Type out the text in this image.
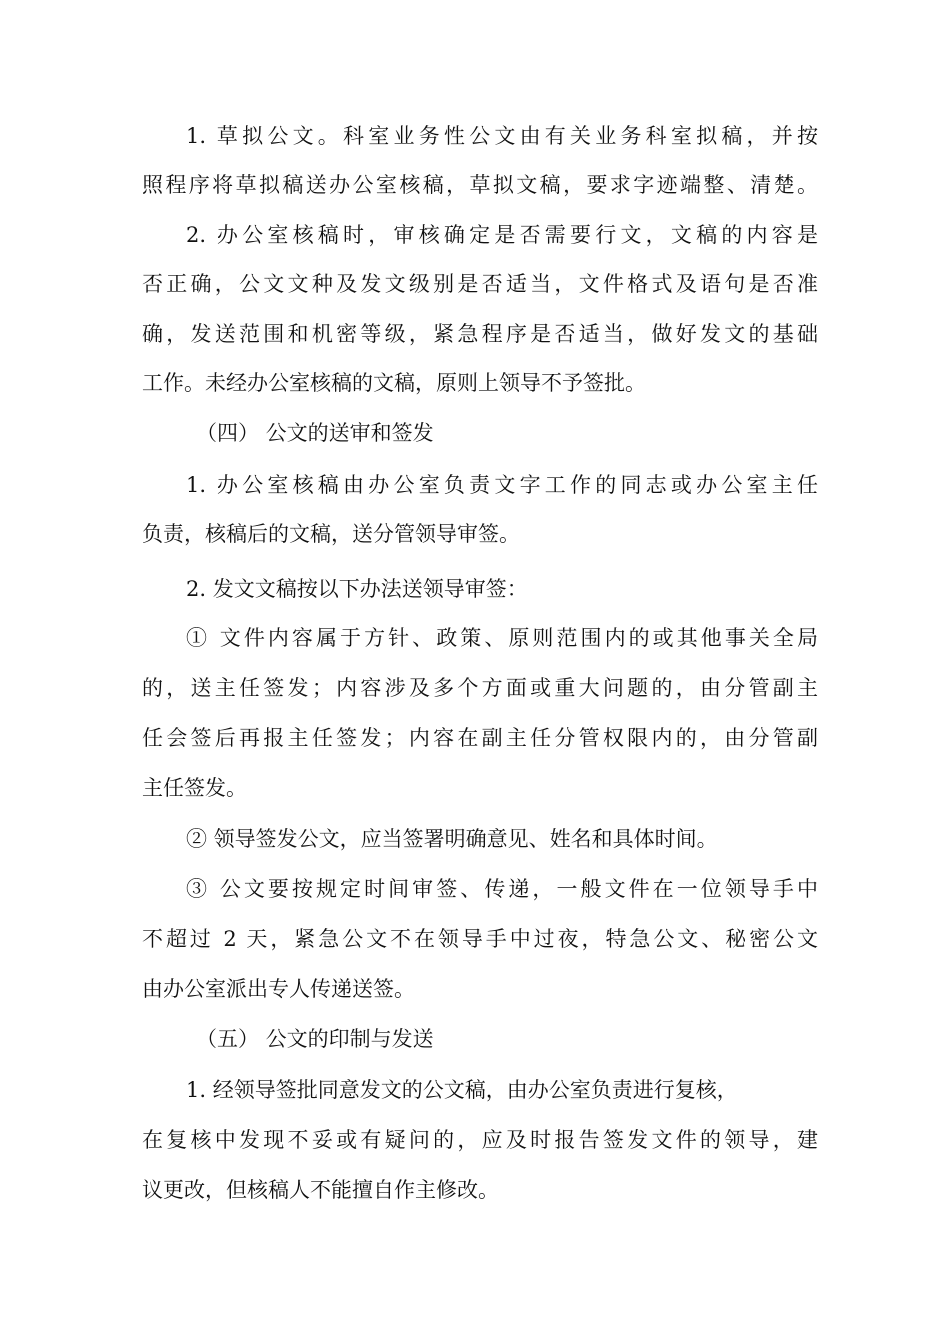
1. 草拟公文。科室业务性公文由有关业务科室拟稿，并按
照程序将草拟稿送办公室核稿，草拟文稿，要求字迹端整、清楚。
2. 办公室核稿时，审核确定是否需要行文，文稿的内容是
否正确，公文文种及发文级别是否适当，文件格式及语句是否准
确，发送范围和机密等级，紧急程序是否适当，做好发文的基础
工作。未经办公室核稿的文稿，原则上领导不予签批。
（四） 公文的送审和签发
1. 办公室核稿由办公室负责文字工作的同志或办公室主任
负责，核稿后的文稿，送分管领导审签。
2. 发文文稿按以下办法送领导审签：
① 文件内容属于方针、政策、原则范围内的或其他事关全局
的，送主任签发；内容涉及多个方面或重大问题的，由分管副主
任会签后再报主任签发；内容在副主任分管权限内的，由分管副
主任签发。
② 领导签发公文，应当签署明确意见、姓名和具体时间。
③ 公文要按规定时间审签、传递，一般文件在一位领导手中
不超过 2 天，紧急公文不在领导手中过夜，特急公文、秘密公文
由办公室派出专人传递送签。
（五） 公文的印制与发送
1. 经领导签批同意发文的公文稿，由办公室负责进行复核，
在复核中发现不妥或有疑问的，应及时报告签发文件的领导，建
议更改，但核稿人不能擅自作主修改。
